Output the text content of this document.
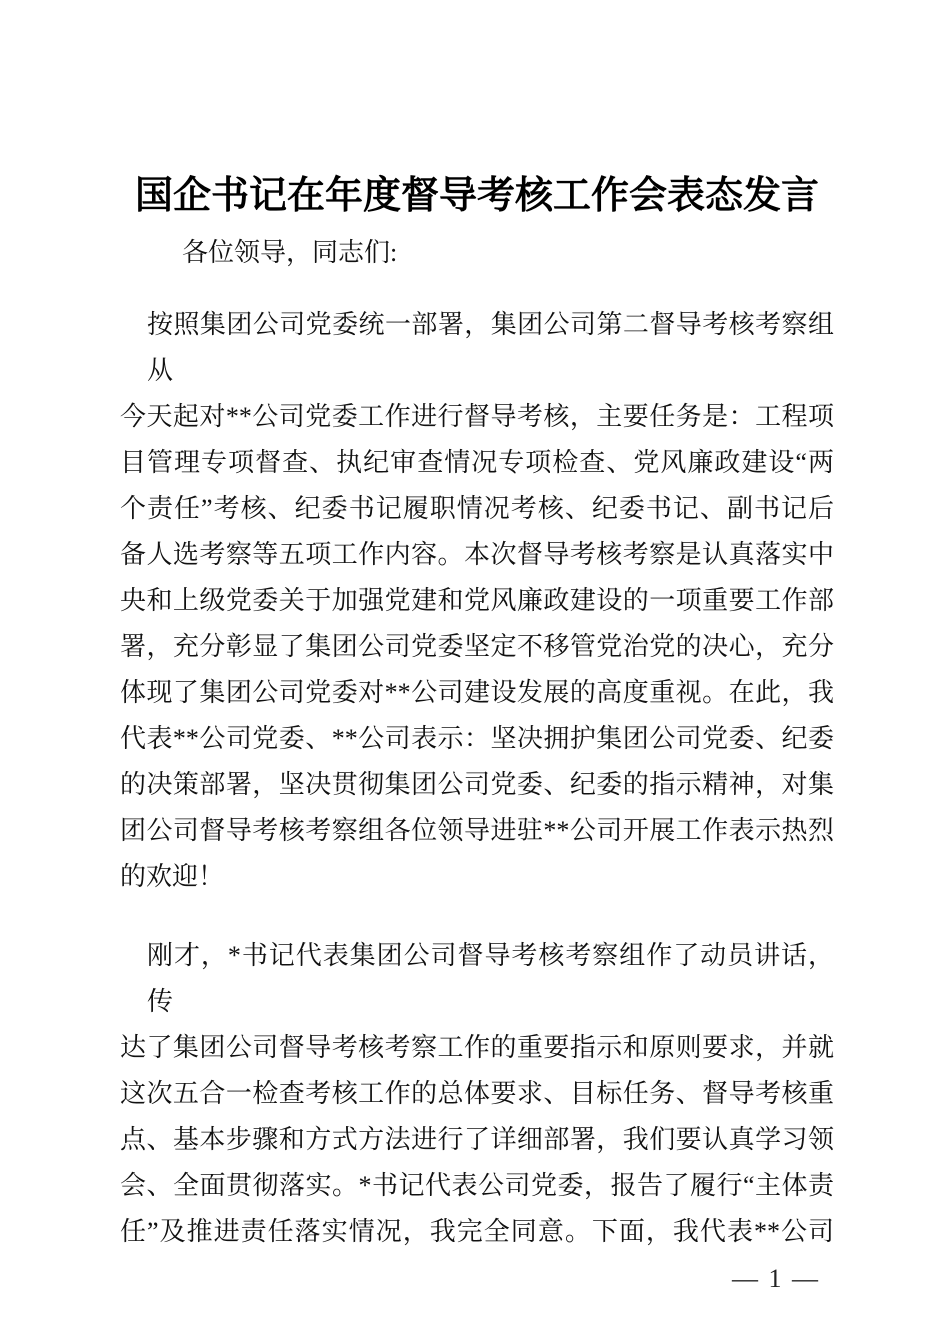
国企书记在年度督导考核工作会表态发言
各位领导，同志们:
按照集团公司党委统一部署，集团公司第二督导考核考察组从
今天起对**公司党委工作进行督导考核，主要任务是：工程项
目管理专项督查、执纪审查情况专项检查、党风廉政建设“两
个责任”考核、纪委书记履职情况考核、纪委书记、副书记后
备人选考察等五项工作内容。本次督导考核考察是认真落实中
央和上级党委关于加强党建和党风廉政建设的一项重要工作部
署，充分彰显了集团公司党委坚定不移管党治党的决心，充分
体现了集团公司党委对**公司建设发展的高度重视。在此，我
代表**公司党委、**公司表示：坚决拥护集团公司党委、纪委
的决策部署，坚决贯彻集团公司党委、纪委的指示精神，对集
团公司督导考核考察组各位领导进驻**公司开展工作表示热烈
的欢迎！
刚才，*书记代表集团公司督导考核考察组作了动员讲话，传
达了集团公司督导考核考察工作的重要指示和原则要求，并就
这次五合一检查考核工作的总体要求、目标任务、督导考核重
点、基本步骤和方式方法进行了详细部署，我们要认真学习领
会、全面贯彻落实。*书记代表公司党委，报告了履行“主体责
任”及推进责任落实情况，我完全同意。下面，我代表**公司
— 1 —
